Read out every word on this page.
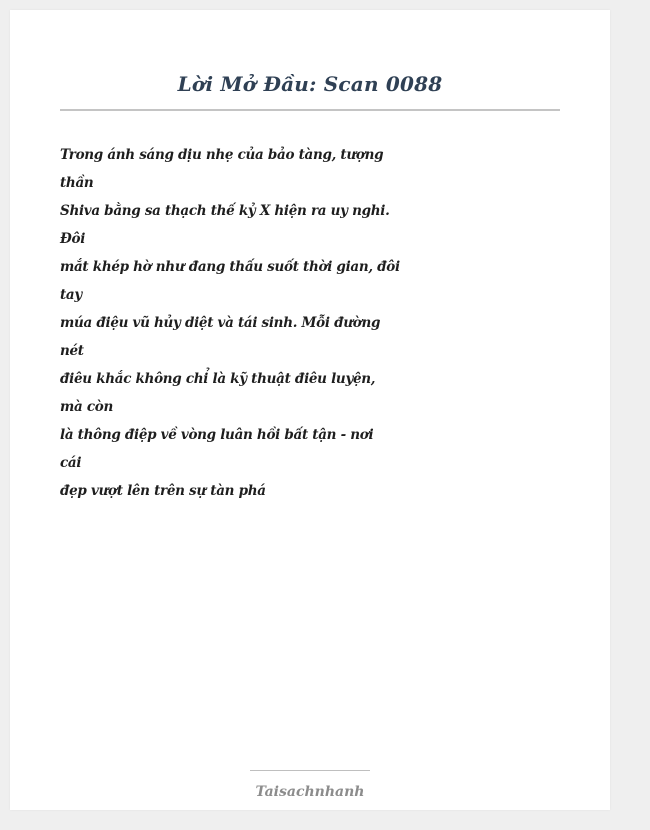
Lời Mở Đầu: Scan 0088
Trong ánh sáng dịu nhẹ của bảo tàng, tượng
thần
Shiva bằng sa thạch thế kỷ X hiện ra uy nghi.
Đôi
mắt khép hờ như đang thấu suốt thời gian, đôi
tay
múa điệu vũ hủy diệt và tái sinh. Mỗi đường
nét
điêu khắc không chỉ là kỹ thuật điêu luyện,
mà còn
là thông điệp về vòng luân hồi bất tận - nơi
cái
đẹp vượt lên trên sự tàn phá
Taisachnhanh
